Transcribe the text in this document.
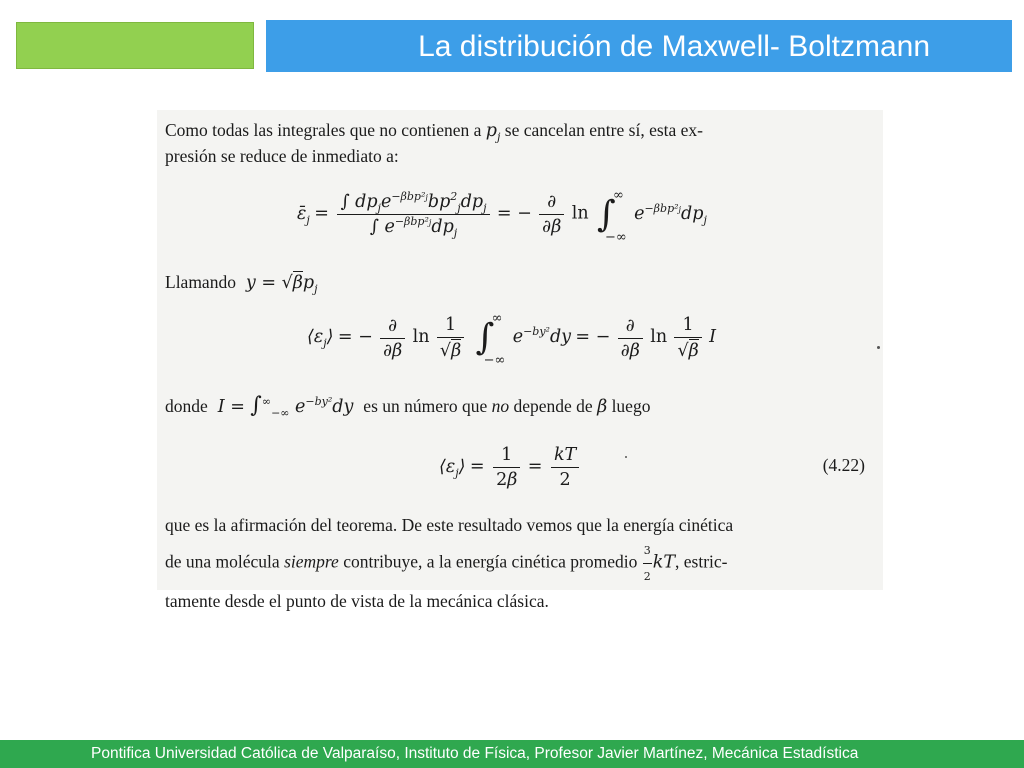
La distribución de Maxwell- Boltzmann
Como todas las integrales que no contienen a $p_j$ se cancelan entre sí, esta ex-
presión se reduce de inmediato a:
$\varepsilon̄_j = \frac{\int dp_je^{-\beta bp^2j}bp^2_jdp_j}{\int e^{-\beta bp^2j}dp_j}$ = − $\frac{\partial}{\partial\beta}$ ln ∫
∞
−∞
$e^{-\beta bp^2j}dp_j$
Llamando  $y = √\beta p_j$
$⟨\varepsilon_j⟩$ = − $\frac{\partial}{\partial\beta}$ $\ln \frac{1}{√\beta}$ ∫
∞
−∞
$e^{-by^2}dy$ = − $\frac{\partial}{\partial\beta}$ $\ln \frac{1}{√\beta}$ I
donde  $I = \int^\infty_{-\infty}$ $e^{-by^2}dy$  es un número que no depende de β luego
$⟨\varepsilon_j⟩ = \frac{1}{2\beta} = \frac{kT}{2}$	(4.22)
que es la afirmación del teorema. De este resultado vemos que la energía cinética
de una molécula siempre contribuye, a la energía cinética promedio $\frac{3}{2}$ kT, estric-
tamente desde el punto de vista de la mecánica clásica.
Pontifica Universidad Católica de Valparaíso, Instituto de Física, Profesor Javier Martínez, Mecánica Estadística
